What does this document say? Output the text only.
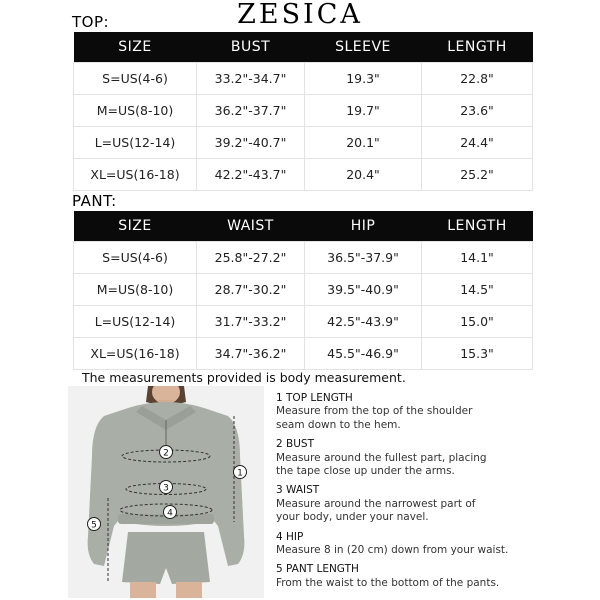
ZESICA
TOP:
SIZE	BUST	SLEEVE	LENGTH
S=US(4-6)	33.2"-34.7"	19.3"	22.8"
M=US(8-10)	36.2"-37.7"	19.7"	23.6"
L=US(12-14)	39.2"-40.7"	20.1"	24.4"
XL=US(16-18)	42.2"-43.7"	20.4"	25.2"
PANT:
SIZE	WAIST	HIP	LENGTH
S=US(4-6)	25.8"-27.2"	36.5"-37.9"	14.1"
M=US(8-10)	28.7"-30.2"	39.5"-40.9"	14.5"
L=US(12-14)	31.7"-33.2"	42.5"-43.9"	15.0"
XL=US(16-18)	34.7"-36.2"	45.5"-46.9"	15.3"
The measurements provided is body measurement.
1
2
3
4
5
1 TOP LENGTH
Measure from the top of the shoulder
seam down to the hem.
2 BUST
Measure around the fullest part, placing
the tape close up under the arms.
3 WAIST
Measure around the narrowest part of
your body, under your navel.
4 HIP
Measure 8 in (20 cm) down from your waist.
5 PANT LENGTH
From the waist to the bottom of the pants.
